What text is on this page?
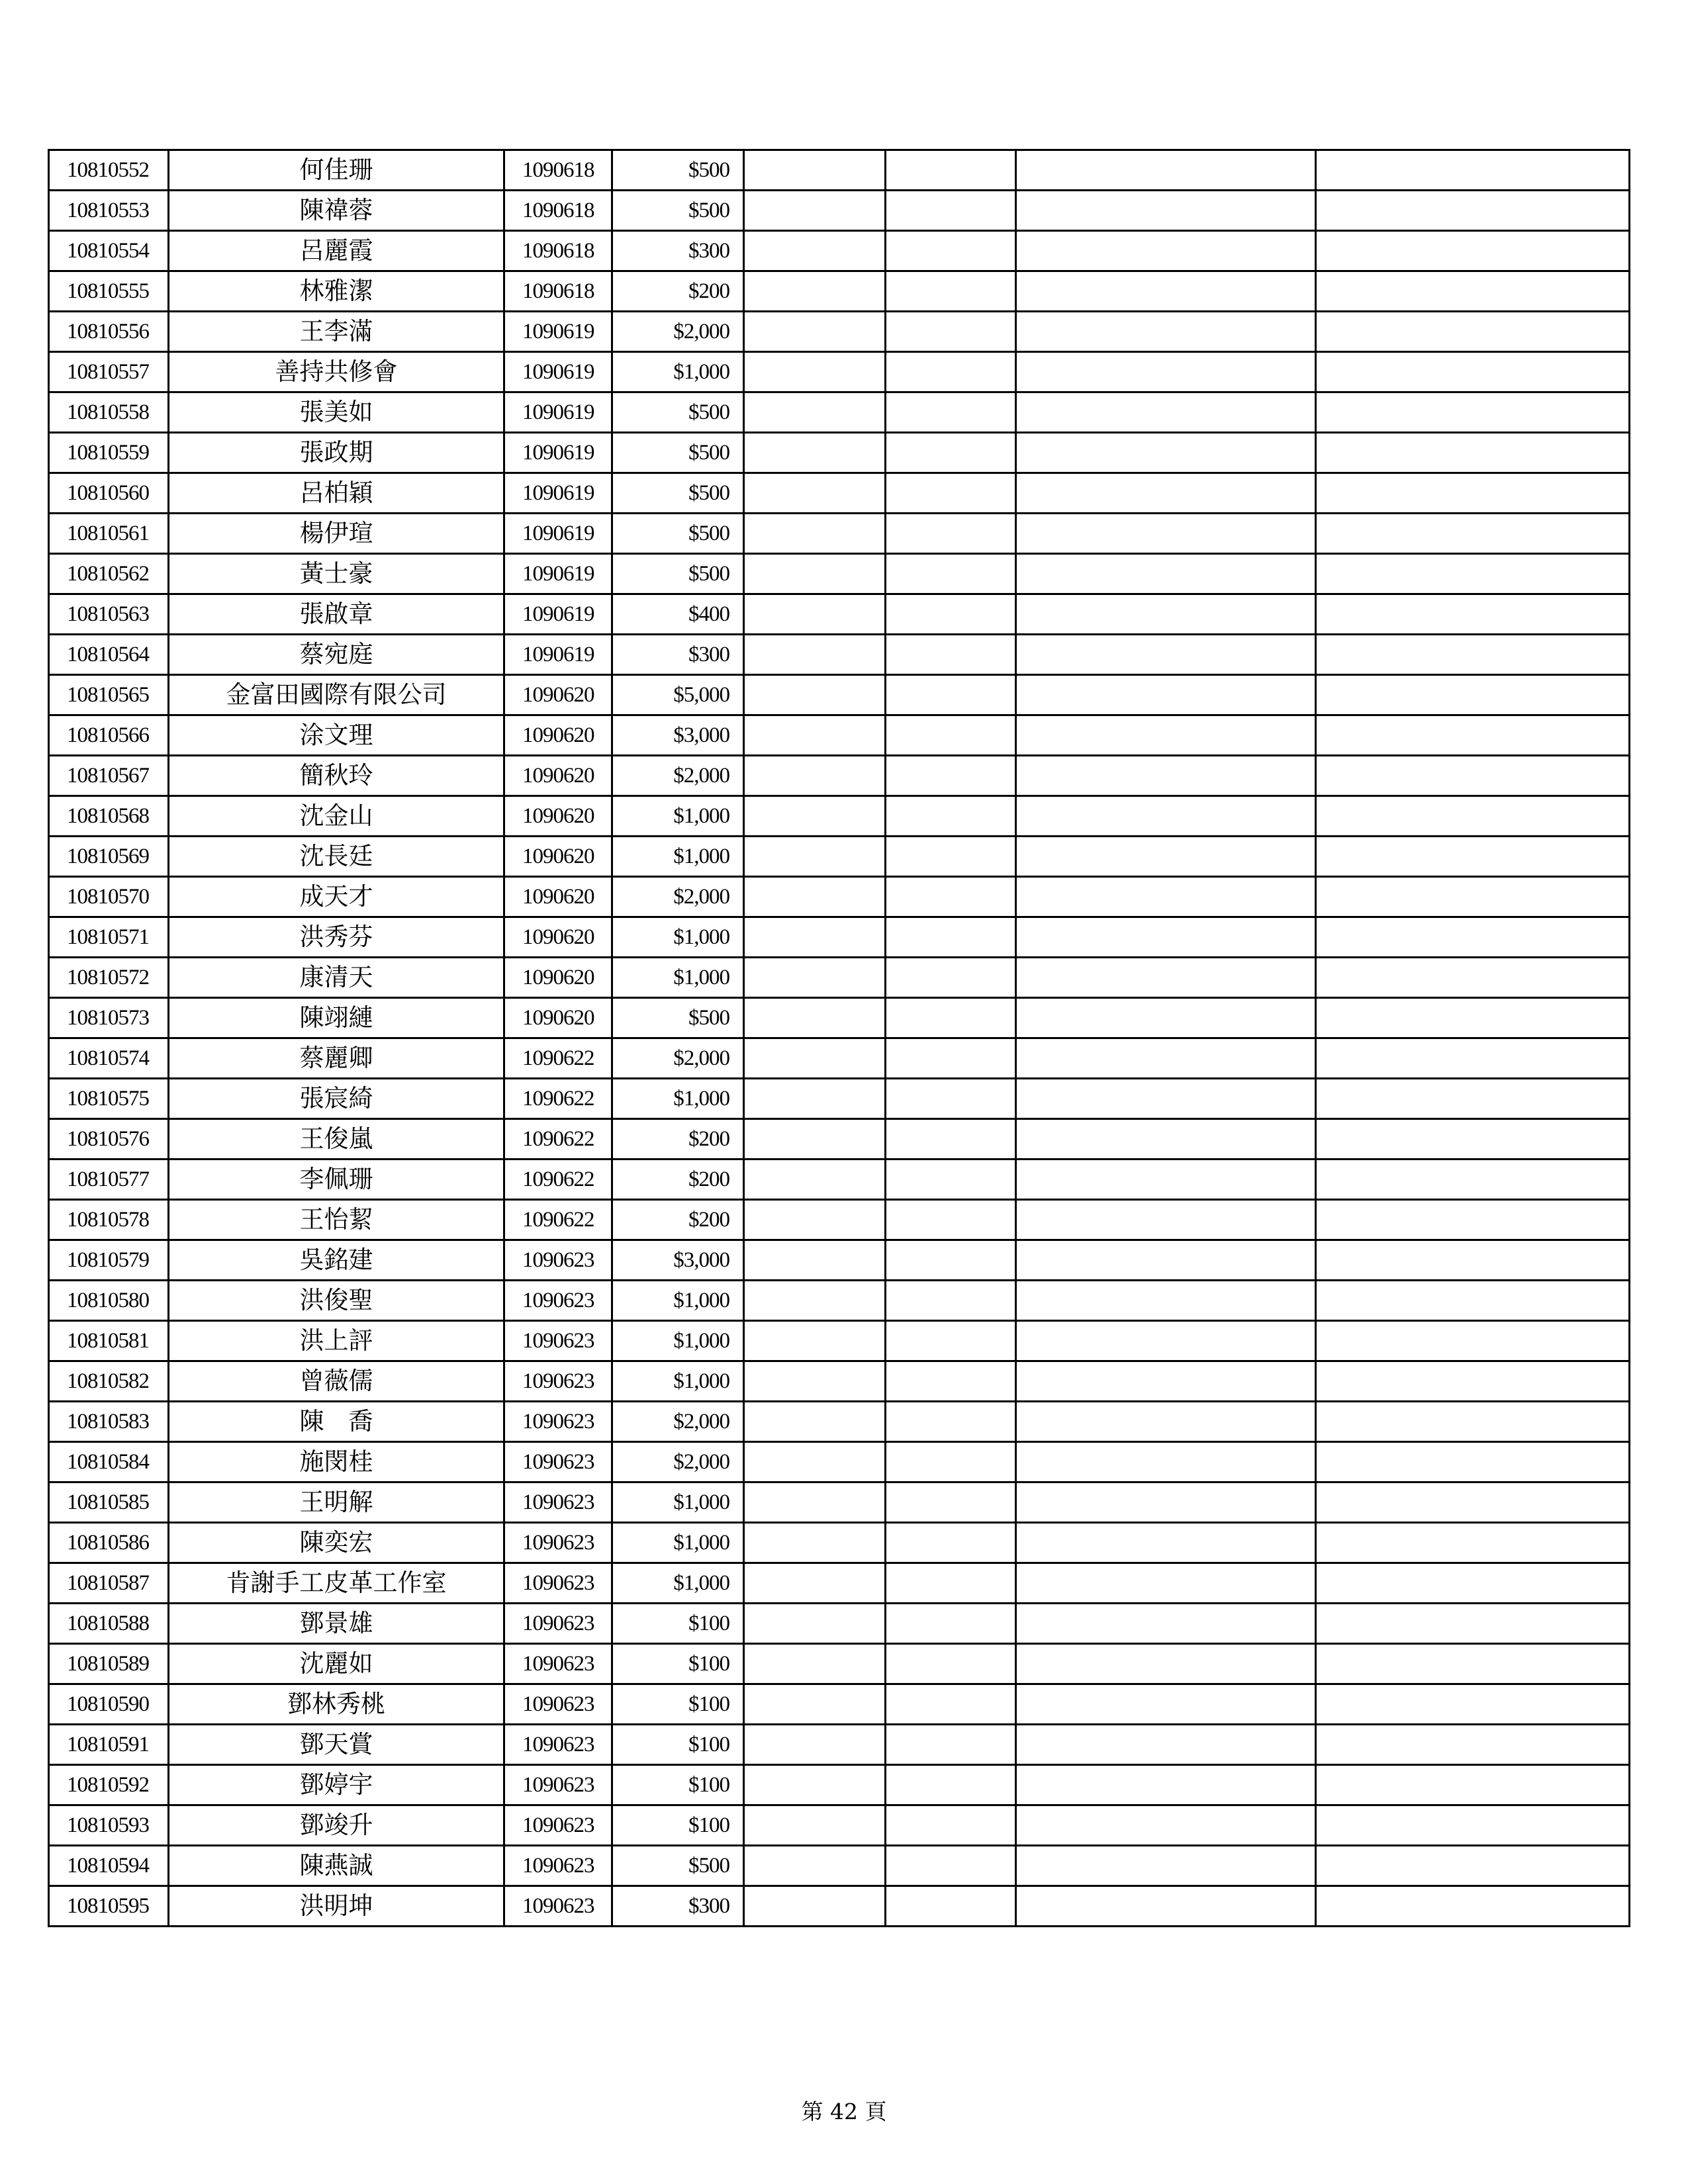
10810552	何佳珊	1090618	$500				
10810553	陳禕蓉	1090618	$500				
10810554	呂麗霞	1090618	$300				
10810555	林雅潔	1090618	$200				
10810556	王李滿	1090619	$2,000				
10810557	善持共修會	1090619	$1,000				
10810558	張美如	1090619	$500				
10810559	張政期	1090619	$500				
10810560	呂柏穎	1090619	$500				
10810561	楊伊瑄	1090619	$500				
10810562	黃士豪	1090619	$500				
10810563	張啟章	1090619	$400				
10810564	蔡宛庭	1090619	$300				
10810565	金富田國際有限公司	1090620	$5,000				
10810566	涂文理	1090620	$3,000				
10810567	簡秋玲	1090620	$2,000				
10810568	沈金山	1090620	$1,000				
10810569	沈長廷	1090620	$1,000				
10810570	成天才	1090620	$2,000				
10810571	洪秀芬	1090620	$1,000				
10810572	康清天	1090620	$1,000				
10810573	陳翊縺	1090620	$500				
10810574	蔡麗卿	1090622	$2,000				
10810575	張宸綺	1090622	$1,000				
10810576	王俊嵐	1090622	$200				
10810577	李佩珊	1090622	$200				
10810578	王怡絜	1090622	$200				
10810579	吳銘建	1090623	$3,000				
10810580	洪俊聖	1090623	$1,000				
10810581	洪上評	1090623	$1,000				
10810582	曾薇儒	1090623	$1,000				
10810583	陳　喬	1090623	$2,000				
10810584	施閔桂	1090623	$2,000				
10810585	王明解	1090623	$1,000				
10810586	陳奕宏	1090623	$1,000				
10810587	肯謝手工皮革工作室	1090623	$1,000				
10810588	鄧景雄	1090623	$100				
10810589	沈麗如	1090623	$100				
10810590	鄧林秀桃	1090623	$100				
10810591	鄧天賞	1090623	$100				
10810592	鄧婷宇	1090623	$100				
10810593	鄧竣升	1090623	$100				
10810594	陳燕誠	1090623	$500				
10810595	洪明坤	1090623	$300				
第 42 頁
